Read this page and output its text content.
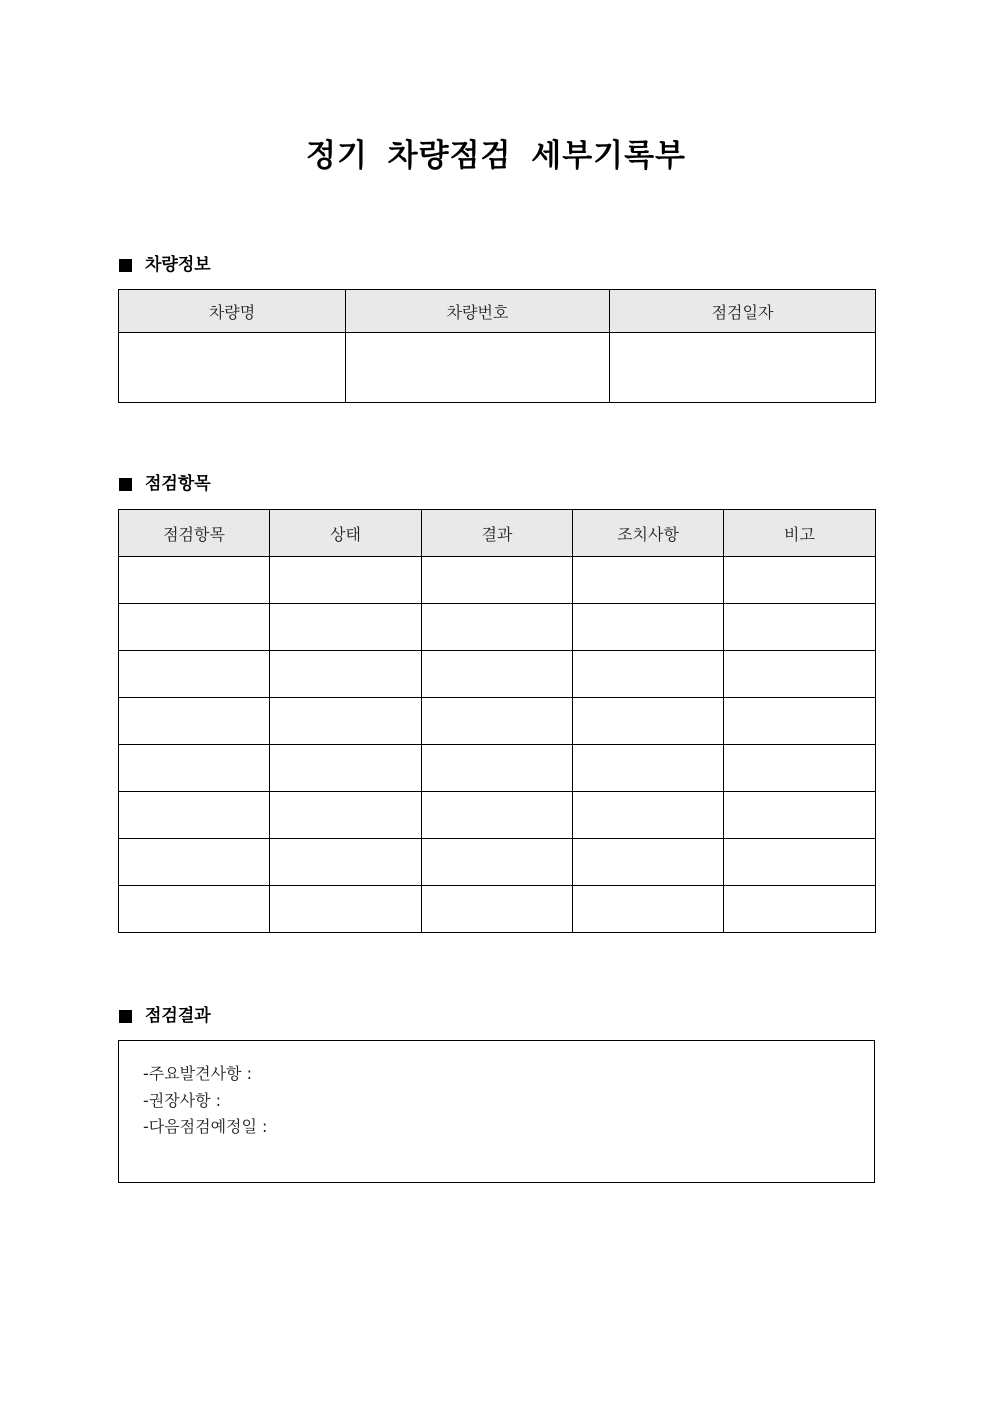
정기 차량점검 세부기록부
차량정보
차량명	차량번호	점검일자

점검항목
점검항목	상태	결과	조치사항	비고

점검결과
-주요발견사항 :
-권장사항 :
-다음점검예정일 :
